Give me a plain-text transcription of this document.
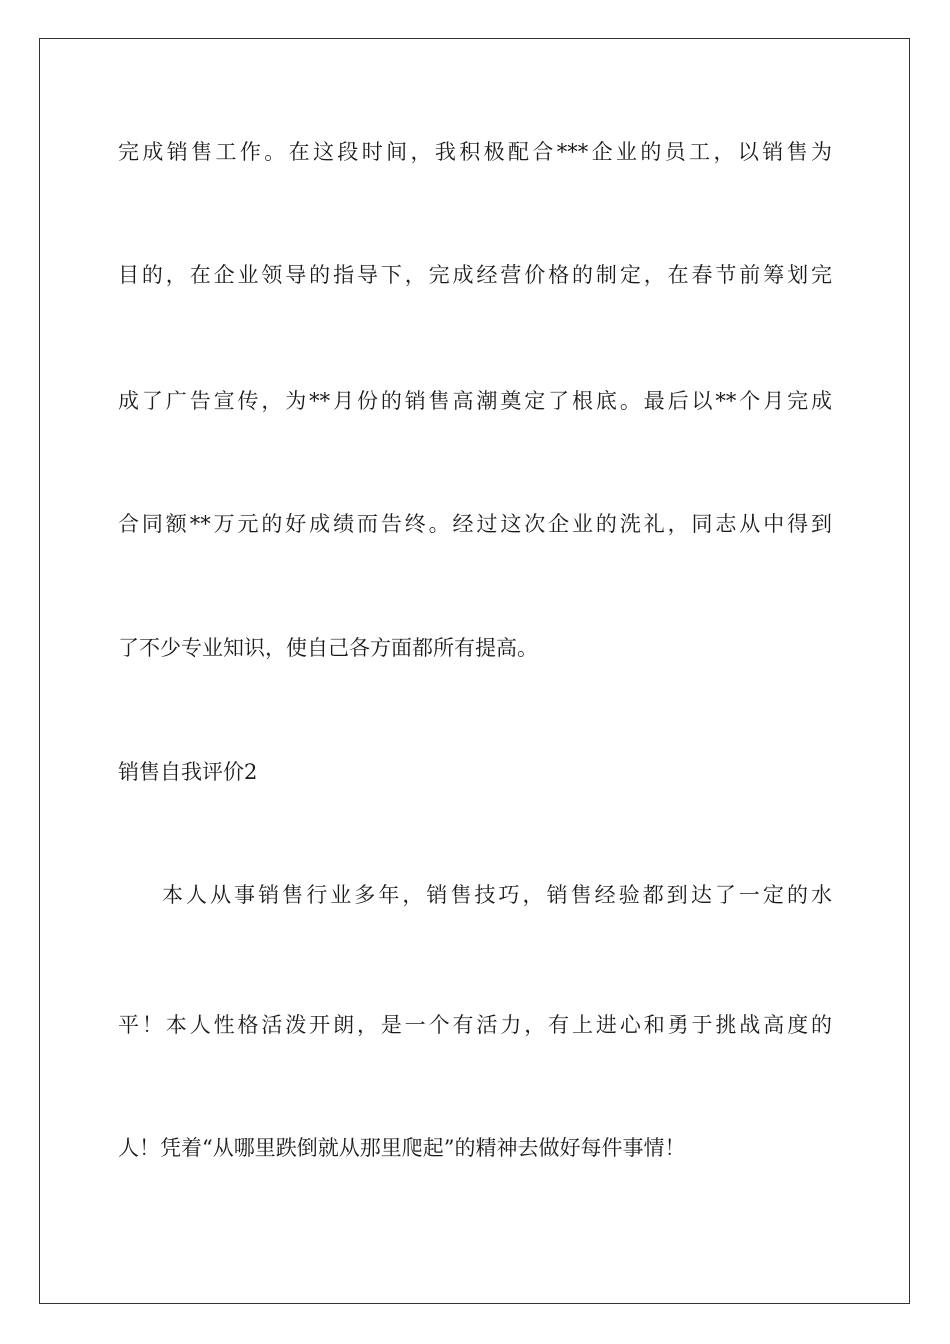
完成销售工作。在这段时间，我积极配合***企业的员工，以销售为
目的，在企业领导的指导下，完成经营价格的制定，在春节前筹划完
成了广告宣传，为**月份的销售高潮奠定了根底。最后以**个月完成
合同额**万元的好成绩而告终。经过这次企业的洗礼，同志从中得到
了不少专业知识，使自己各方面都所有提高。
销售自我评价2
本人从事销售行业多年，销售技巧，销售经验都到达了一定的水
平！本人性格活泼开朗，是一个有活力，有上进心和勇于挑战高度的
人！凭着“从哪里跌倒就从那里爬起”的精神去做好每件事情！
